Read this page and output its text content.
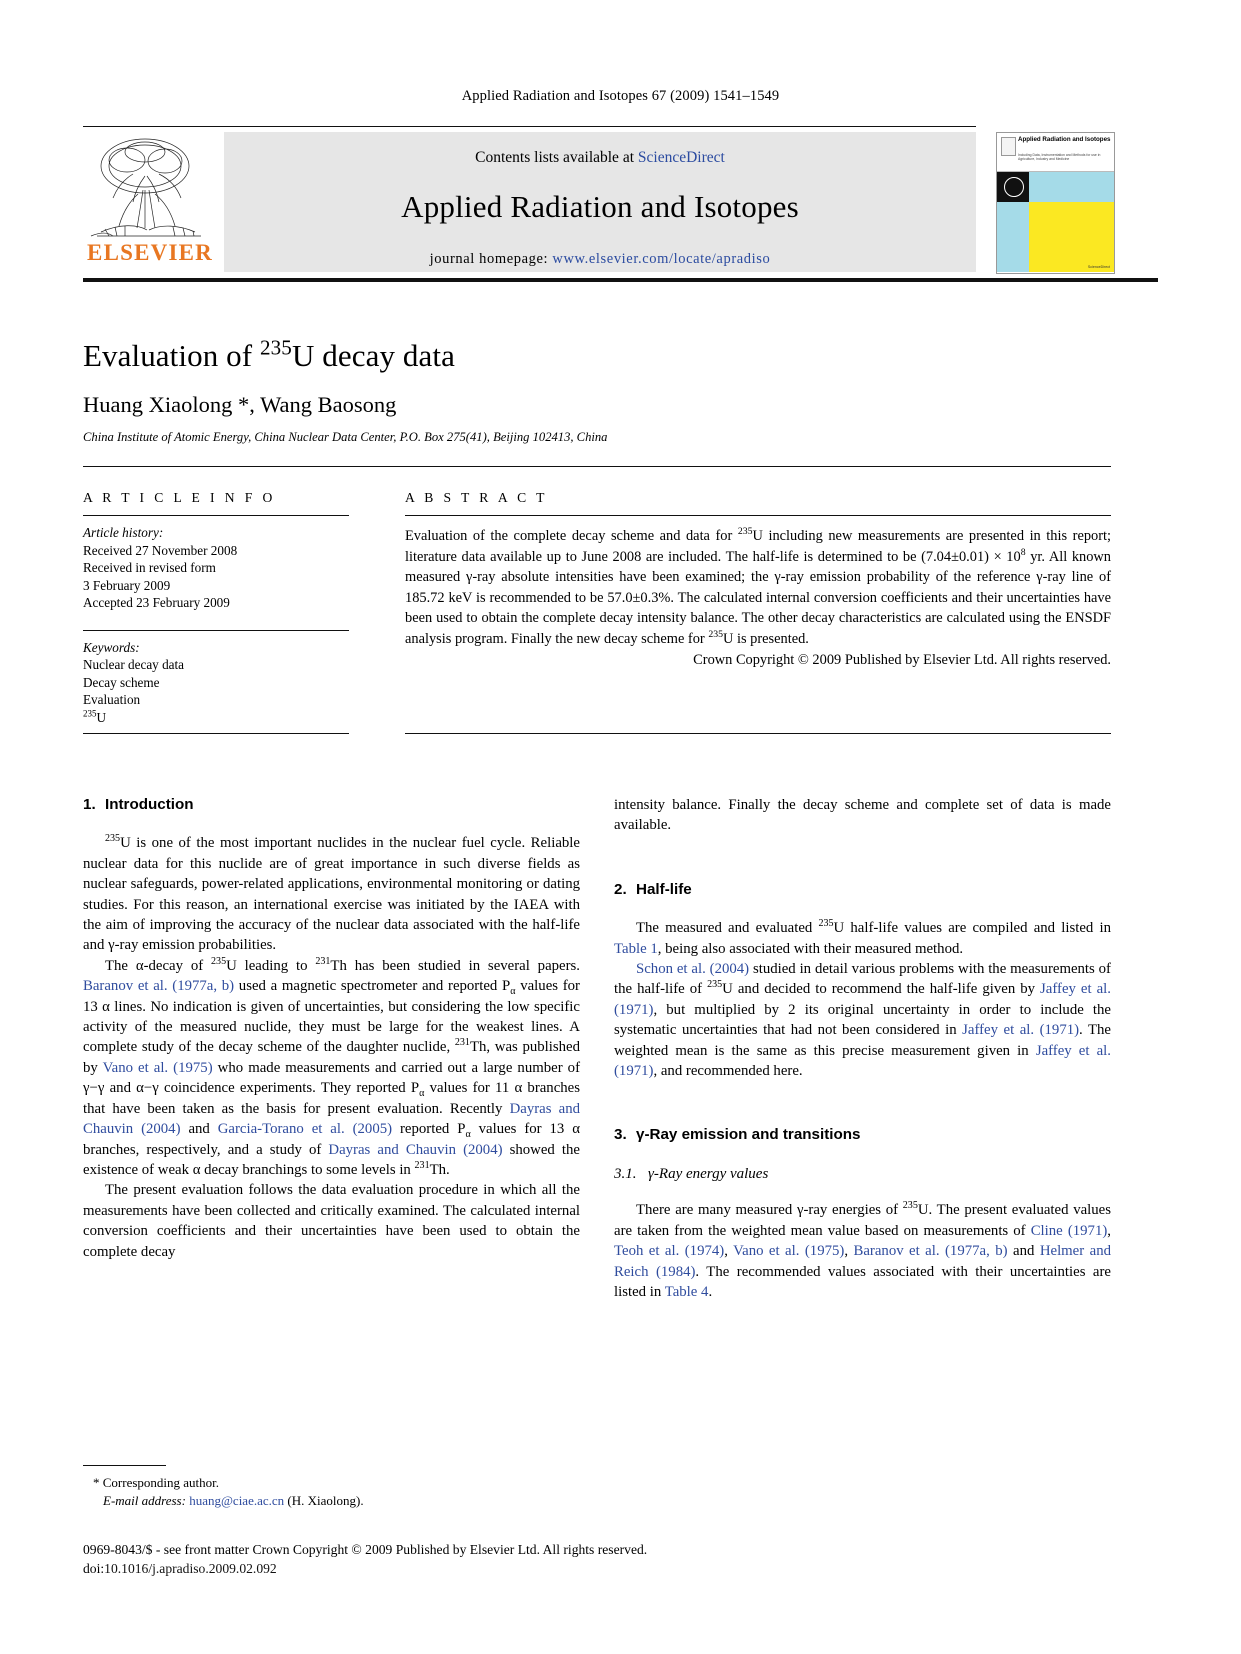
Applied Radiation and Isotopes 67 (2009) 1541–1549
ELSEVIER
Contents lists available at ScienceDirect
Applied Radiation and Isotopes
journal homepage: www.elsevier.com/locate/apradiso
Applied Radiation and Isotopes
Including Data, Instrumentation and Methods for use in Agriculture, Industry and Medicine
ScienceDirect
Evaluation of $^{235}$U decay data
Huang Xiaolong *, Wang Baosong
China Institute of Atomic Energy, China Nuclear Data Center, P.O. Box 275(41), Beijing 102413, China
A R T I C L E I N F O
Article history:
Received 27 November 2008
Received in revised form
3 February 2009
Accepted 23 February 2009
Keywords:
Nuclear decay data
Decay scheme
Evaluation
$^{235}$U
A B S T R A C T
Evaluation of the complete decay scheme and data for $^{235}$U including new measurements are presented in this report; literature data available up to June 2008 are included. The half-life is determined to be $(7.04\pm 0.01) \times 10^8$ yr. All known measured γ-ray absolute intensities have been examined; the γ-ray emission probability of the reference γ-ray line of 185.72 keV is recommended to be 57.0±0.3%. The calculated internal conversion coefficients and their uncertainties have been used to obtain the complete decay intensity balance. The other decay characteristics are calculated using the ENSDF analysis program. Finally the new decay scheme for $^{235}$U is presented.
Crown Copyright © 2009 Published by Elsevier Ltd. All rights reserved.
1. Introduction

$^{235}$U is one of the most important nuclides in the nuclear fuel cycle. Reliable nuclear data for this nuclide are of great importance in such diverse fields as nuclear safeguards, power-related applications, environmental monitoring or dating studies. For this reason, an international exercise was initiated by the IAEA with the aim of improving the accuracy of the nuclear data associated with the half-life and γ-ray emission probabilities.

The α-decay of $^{235}$U leading to $^{231}$Th has been studied in several papers. Baranov et al. (1977a, b) used a magnetic spectrometer and reported $P_\alpha$ values for 13 α lines. No indication is given of uncertainties, but considering the low specific activity of the measured nuclide, they must be large for the weakest lines. A complete study of the decay scheme of the daughter nuclide, $^{231}$Th, was published by Vano et al. (1975) who made measurements and carried out a large number of γ−γ and α−γ coincidence experiments. They reported $P_\alpha$ values for 11 α branches that have been taken as the basis for present evaluation. Recently Dayras and Chauvin (2004) and Garcia-Torano et al. (2005) reported $P_\alpha$ values for 13 α branches, respectively, and a study of Dayras and Chauvin (2004) showed the existence of weak α decay branchings to some levels in $^{231}$Th.

The present evaluation follows the data evaluation procedure in which all the measurements have been collected and critically examined. The calculated internal conversion coefficients and their uncertainties have been used to obtain the complete decay

intensity balance. Finally the decay scheme and complete set of data is made available.

2. Half-life

The measured and evaluated $^{235}$U half-life values are compiled and listed in Table 1, being also associated with their measured method.

Schon et al. (2004) studied in detail various problems with the measurements of the half-life of $^{235}$U and decided to recommend the half-life given by Jaffey et al. (1971), but multiplied by 2 its original uncertainty in order to include the systematic uncertainties that had not been considered in Jaffey et al. (1971). The weighted mean is the same as this precise measurement given in Jaffey et al. (1971), and recommended here.

3. γ-Ray emission and transitions
3.1. γ-Ray energy values

There are many measured γ-ray energies of $^{235}$U. The present evaluated values are taken from the weighted mean value based on measurements of Cline (1971), Teoh et al. (1974), Vano et al. (1975), Baranov et al. (1977a, b) and Helmer and Reich (1984). The recommended values associated with their uncertainties are listed in Table 4.

* Corresponding author.
E-mail address: huang@ciae.ac.cn (H. Xiaolong).
0969-8043/$ - see front matter Crown Copyright © 2009 Published by Elsevier Ltd. All rights reserved.
doi:10.1016/j.apradiso.2009.02.092
